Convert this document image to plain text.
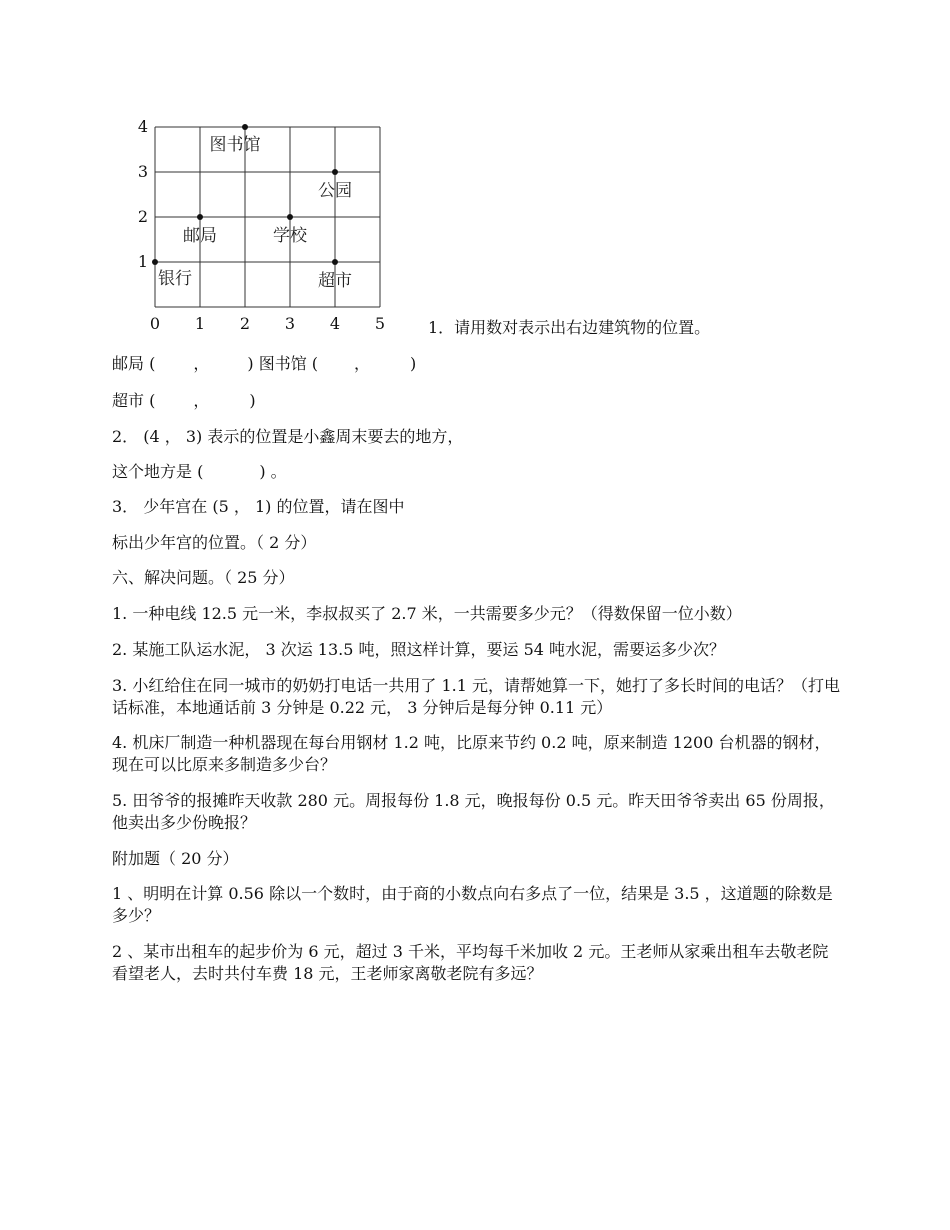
0 1 2 3 4 5
1
2
3
4
图书馆
公园
邮局	学校
银行	超市
1．请用数对表示出右边建筑物的位置。
邮局 ( ， ) 图书馆 ( ，	)
超市 ( ，	)
2． (4 ， 3) 表示的位置是小鑫周末要去的地方，
这个地方是 (	) 。
3． 少年宫在 (5 ， 1) 的位置，请在图中
标出少年宫的位置。（ 2 分）
六、解决问题。（ 25 分）
1. 一种电线 12.5 元一米，李叔叔买了 2.7 米，一共需要多少元？（得数保留一位小数）
2. 某施工队运水泥， 3 次运 13.5 吨，照这样计算，要运 54 吨水泥，需要运多少次？
3. 小红给住在同一城市的奶奶打电话一共用了 1.1 元，请帮她算一下，她打了多长时间的电话？（打电话标准，本地通话前 3 分钟是 0.22 元， 3 分钟后是每分钟 0.11 元）
4. 机床厂制造一种机器现在每台用钢材 1.2 吨，比原来节约 0.2 吨，原来制造 1200 台机器的钢材，现在可以比原来多制造多少台？
5. 田爷爷的报摊昨天收款 280 元。周报每份 1.8 元，晚报每份 0.5 元。昨天田爷爷卖出 65 份周报，他卖出多少份晚报？
附加题（ 20 分）
1 、明明在计算 0.56 除以一个数时，由于商的小数点向右多点了一位，结果是 3.5 ，这道题的除数是多少？
2 、某市出租车的起步价为 6 元，超过 3 千米，平均每千米加收 2 元。王老师从家乘出租车去敬老院看望老人，去时共付车费 18 元，王老师家离敬老院有多远？
